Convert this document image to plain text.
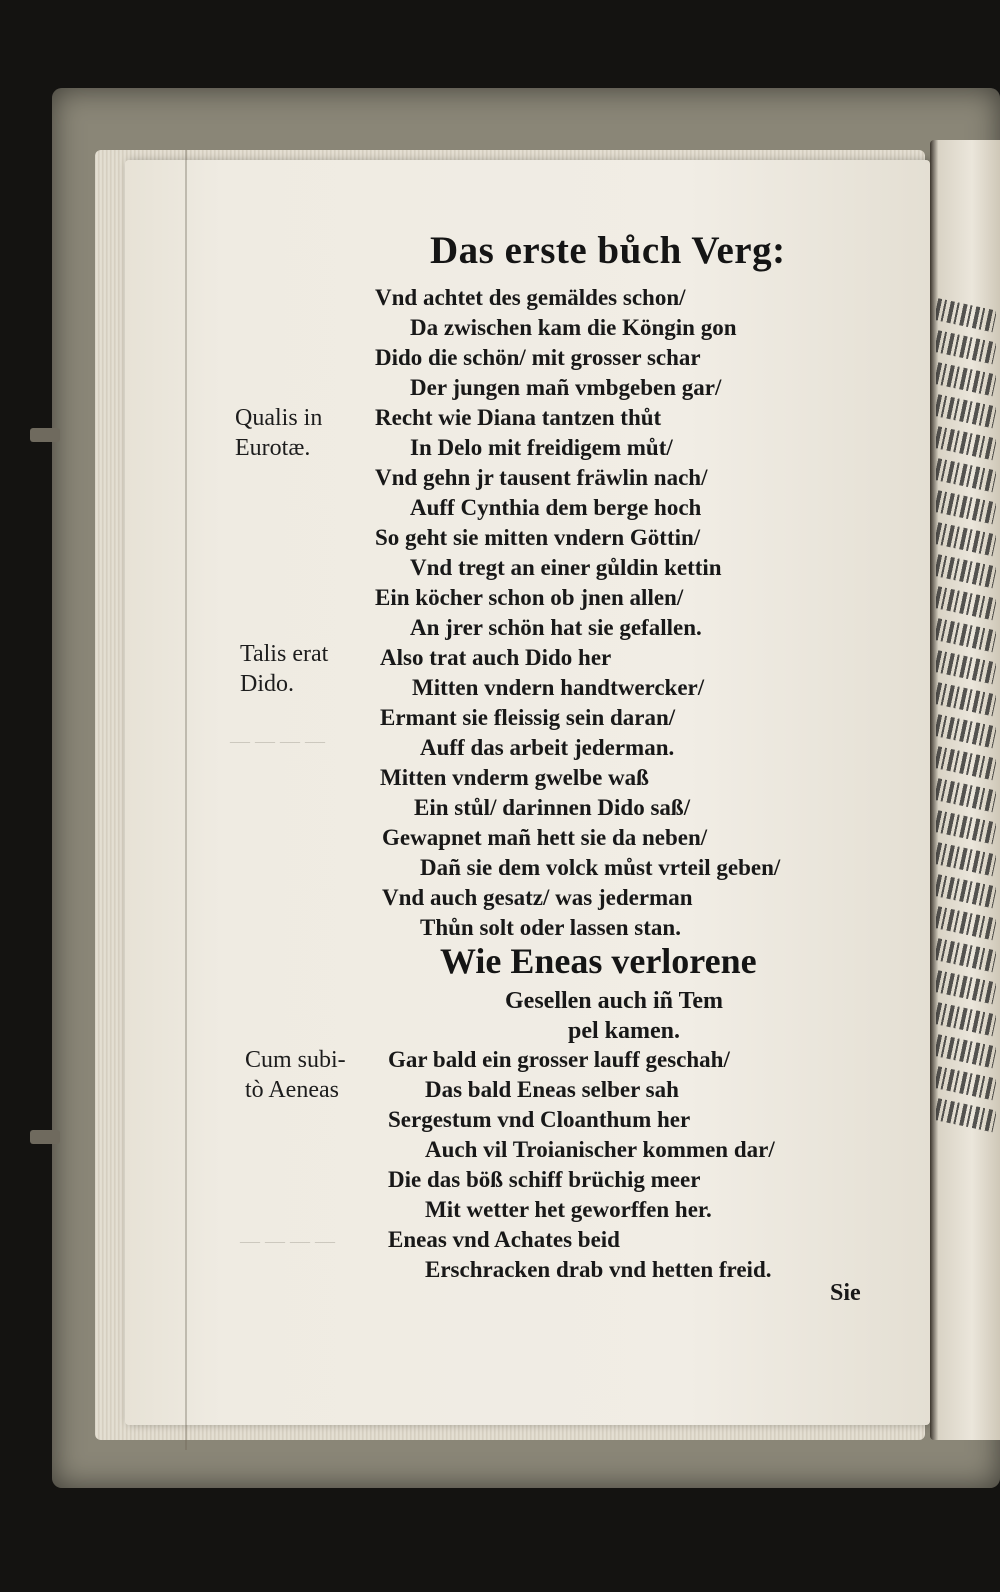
— — — —
— — — —
Das erste bůch Verg:
Vnd achtet des gemäldes schon/
Da zwischen kam die Köngin gon
Dido die schön/ mit grosser schar
Der jungen mañ vmbgeben gar/
Recht wie Diana tantzen thůt
In Delo mit freidigem můt/
Vnd gehn jr tausent fräwlin nach/
Auff Cynthia dem berge hoch
So geht sie mitten vndern Göttin/
Vnd tregt an einer gůldin kettin
Ein köcher schon ob jnen allen/
An jrer schön hat sie gefallen.
Also trat auch Dido her
Mitten vndern handtwercker/
Ermant sie fleissig sein daran/
Auff das arbeit jederman.
Mitten vnderm gwelbe waß
Ein stůl/ darinnen Dido saß/
Gewapnet mañ hett sie da neben/
Dañ sie dem volck můst vrteil geben/
Vnd auch gesatz/ was jederman
Thůn solt oder lassen stan.
Qualis in
Eurotæ.
Talis erat
Dido.
Cum subi-
tò Aeneas
Wie Eneas verlorene
Gesellen auch iñ Tem
pel kamen.
Gar bald ein grosser lauff geschah/
Das bald Eneas selber sah
Sergestum vnd Cloanthum her
Auch vil Troianischer kommen dar/
Die das böß schiff brüchig meer
Mit wetter het geworffen her.
Eneas vnd Achates beid
Erschracken drab vnd hetten freid.
Sie
